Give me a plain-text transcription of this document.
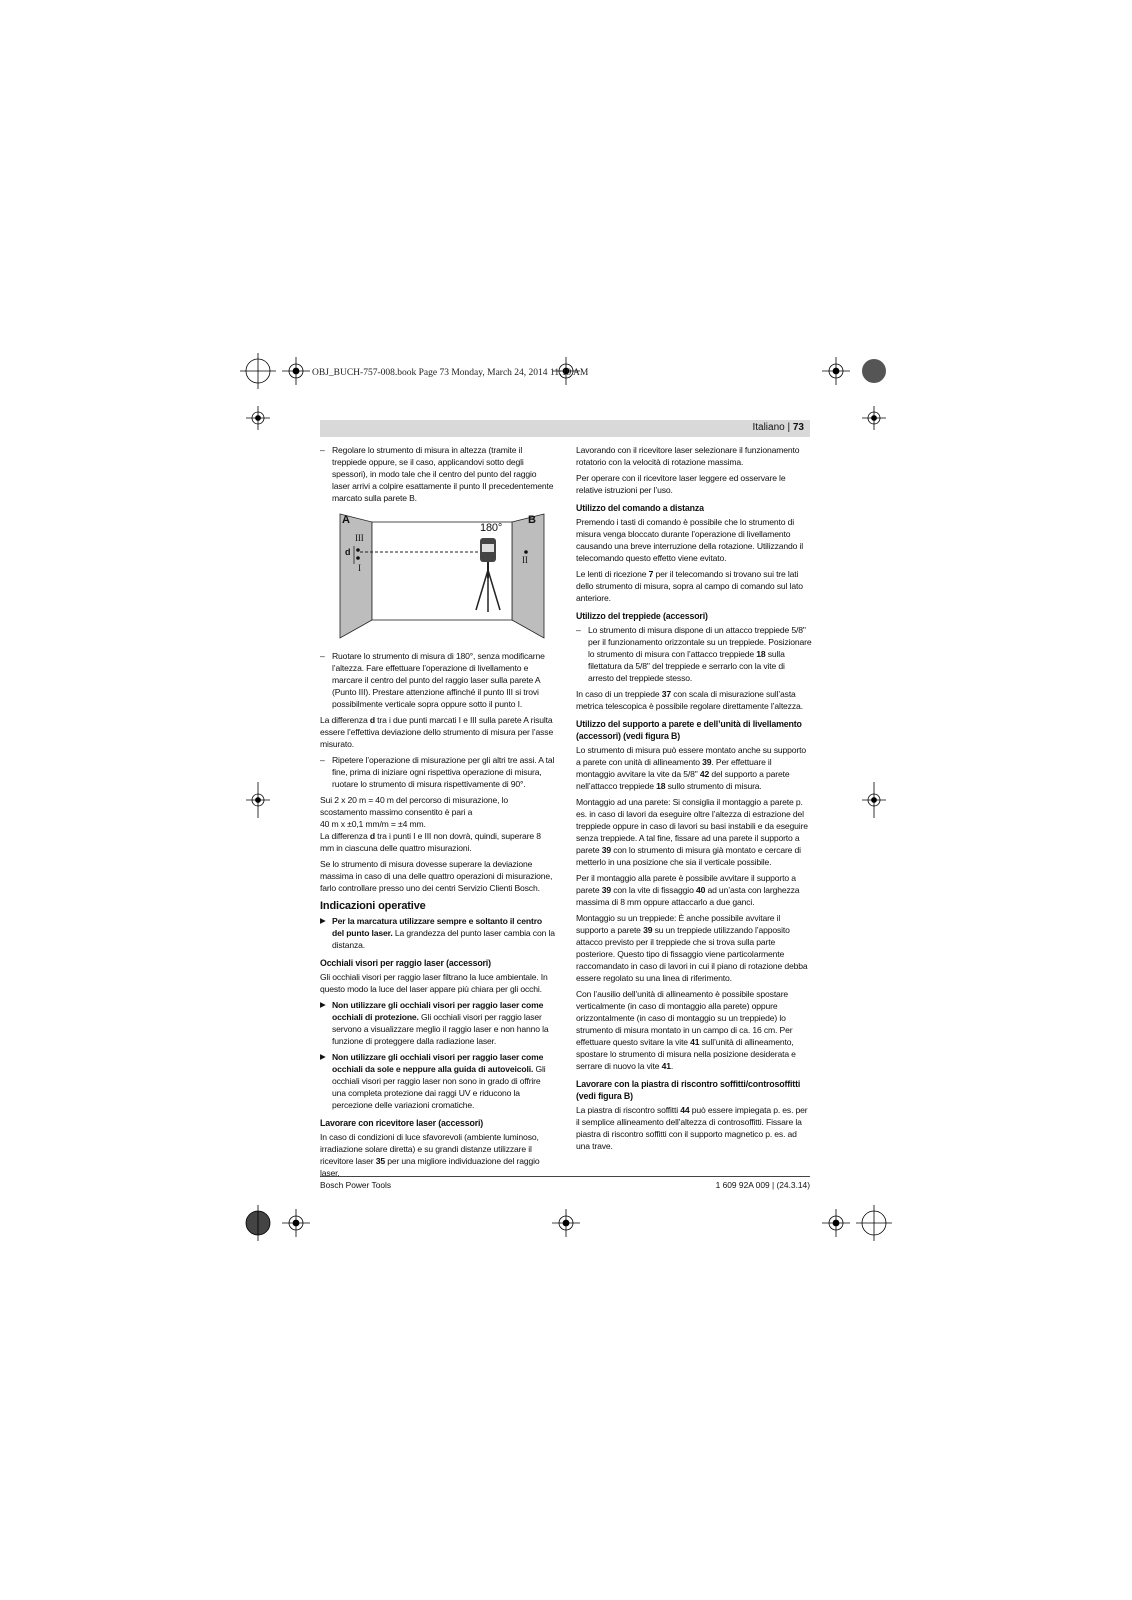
OBJ_BUCH-757-008.book Page 73 Monday, March 24, 2014 11:19 AM
Italiano | 73

– Regolare lo strumento di misura in altezza (tramite il treppiede oppure, se il caso, applicandovi sotto degli spessori), in modo tale che il centro del punto del raggio laser arrivi a colpire esattamente il punto II precedentemente marcato sulla parete B.

A	B
180°
III
d
I
II

– Ruotare lo strumento di misura di 180°, senza modificarne l’altezza. Fare effettuare l’operazione di livellamento e marcare il centro del punto del raggio laser sulla parete A (Punto III). Prestare attenzione affinché il punto III si trovi possibilmente verticale sopra oppure sotto il punto I.

La differenza d tra i due punti marcati I e III sulla parete A risulta essere l’effettiva deviazione dello strumento di misura per l’asse misurato.

– Ripetere l’operazione di misurazione per gli altri tre assi. A tal fine, prima di iniziare ogni rispettiva operazione di misura, ruotare lo strumento di misura rispettivamente di 90°.

Sui 2 x 20 m = 40 m del percorso di misurazione, lo scostamento massimo consentito è pari a

40 m x ±0,1 mm/m = ±4 mm.

La differenza d tra i punti I e III non dovrà, quindi, superare 8 mm in ciascuna delle quattro misurazioni.

Se lo strumento di misura dovesse superare la deviazione massima in caso di una delle quattro operazioni di misurazione, farlo controllare presso uno dei centri Servizio Clienti Bosch.

Indicazioni operative

▶ Per la marcatura utilizzare sempre e soltanto il centro del punto laser. La grandezza del punto laser cambia con la distanza.

Occhiali visori per raggio laser (accessori)

Gli occhiali visori per raggio laser filtrano la luce ambientale. In questo modo la luce del laser appare più chiara per gli occhi.

▶ Non utilizzare gli occhiali visori per raggio laser come occhiali di protezione. Gli occhiali visori per raggio laser servono a visualizzare meglio il raggio laser e non hanno la funzione di proteggere dalla radiazione laser.

▶ Non utilizzare gli occhiali visori per raggio laser come occhiali da sole e neppure alla guida di autoveicoli. Gli occhiali visori per raggio laser non sono in grado di offrire una completa protezione dai raggi UV e riducono la percezione delle variazioni cromatiche.

Lavorare con ricevitore laser (accessori)

In caso di condizioni di luce sfavorevoli (ambiente luminoso, irradiazione solare diretta) e su grandi distanze utilizzare il ricevitore laser 35 per una migliore individuazione del raggio laser.

Lavorando con il ricevitore laser selezionare il funzionamento rotatorio con la velocità di rotazione massima.

Per operare con il ricevitore laser leggere ed osservare le relative istruzioni per l’uso.

Utilizzo del comando a distanza

Premendo i tasti di comando è possibile che lo strumento di misura venga bloccato durante l’operazione di livellamento causando una breve interruzione della rotazione. Utilizzando il telecomando questo effetto viene evitato.

Le lenti di ricezione 7 per il telecomando si trovano sui tre lati dello strumento di misura, sopra al campo di comando sul lato anteriore.

Utilizzo del treppiede (accessori)

– Lo strumento di misura dispone di un attacco treppiede 5/8" per il funzionamento orizzontale su un treppiede. Posizionare lo strumento di misura con l’attacco treppiede 18 sulla filettatura da 5/8" del treppiede e serrarlo con la vite di arresto del treppiede stesso.

In caso di un treppiede 37 con scala di misurazione sull’asta metrica telescopica è possibile regolare direttamente l’altezza.

Utilizzo del supporto a parete e dell’unità di livellamento (accessori) (vedi figura B)

Lo strumento di misura può essere montato anche su supporto a parete con unità di allineamento 39. Per effettuare il montaggio avvitare la vite da 5/8" 42 del supporto a parete nell’attacco treppiede 18 sullo strumento di misura.

Montaggio ad una parete: Si consiglia il montaggio a parete p. es. in caso di lavori da eseguire oltre l’altezza di estrazione del treppiede oppure in caso di lavori su basi instabili e da eseguire senza treppiede. A tal fine, fissare ad una parete il supporto a parete 39 con lo strumento di misura già montato e cercare di metterlo in una posizione che sia il verticale possibile.

Per il montaggio alla parete è possibile avvitare il supporto a parete 39 con la vite di fissaggio 40 ad un’asta con larghezza massima di 8 mm oppure attaccarlo a due ganci.

Montaggio su un treppiede: È anche possibile avvitare il supporto a parete 39 su un treppiede utilizzando l’apposito attacco previsto per il treppiede che si trova sulla parte posteriore. Questo tipo di fissaggio viene particolarmente raccomandato in caso di lavori in cui il piano di rotazione debba essere regolato su una linea di riferimento.

Con l’ausilio dell’unità di allineamento è possibile spostare verticalmente (in caso di montaggio alla parete) oppure orizzontalmente (in caso di montaggio su un treppiede) lo strumento di misura montato in un campo di ca. 16 cm. Per effettuare questo svitare la vite 41 sull’unità di allineamento, spostare lo strumento di misura nella posizione desiderata e serrare di nuovo la vite 41.

Lavorare con la piastra di riscontro soffitti/controsoffitti (vedi figura B)

La piastra di riscontro soffitti 44 può essere impiegata p. es. per il semplice allineamento dell’altezza di controsoffitti. Fissare la piastra di riscontro soffitti con il supporto magnetico p. es. ad una trave.

Bosch Power Tools	1 609 92A 009 | (24.3.14)
